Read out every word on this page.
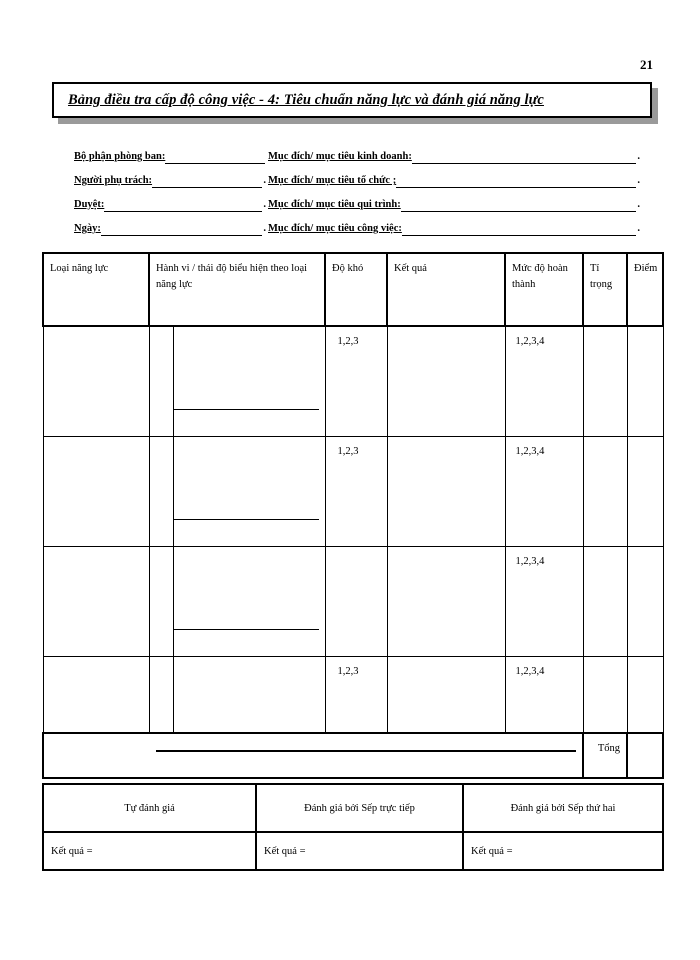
21
Bảng điều tra cấp độ công việc - 4: Tiêu chuẩn năng lực và đánh giá năng lực
Bộ phận phòng ban:	Mục đích/ mục tiêu kinh doanh:	.
Người phụ trách:	. Mục đích/ mục tiêu tổ chức ;	.
Duyệt:	. Mục đích/ mục tiêu qui trình:	.
Ngày:	. Mục đích/ mục tiêu công việc:	.
Loại năng lực	Hành vi / thái độ biểu hiện theo loại năng lực		Độ khó	Kết quả	Mức độ hoàn thành	Tỉ trọng	Điểm

			1,2,3		1,2,3,4		

			1,2,3		1,2,3,4		

					1,2,3,4		

			1,2,3		1,2,3,4		

						Tổng	
Tự đánh giá	Đánh giá bởi Sếp trực tiếp	Đánh giá bởi Sếp thứ hai
Kết quả =	Kết quả =	Kết quả =
